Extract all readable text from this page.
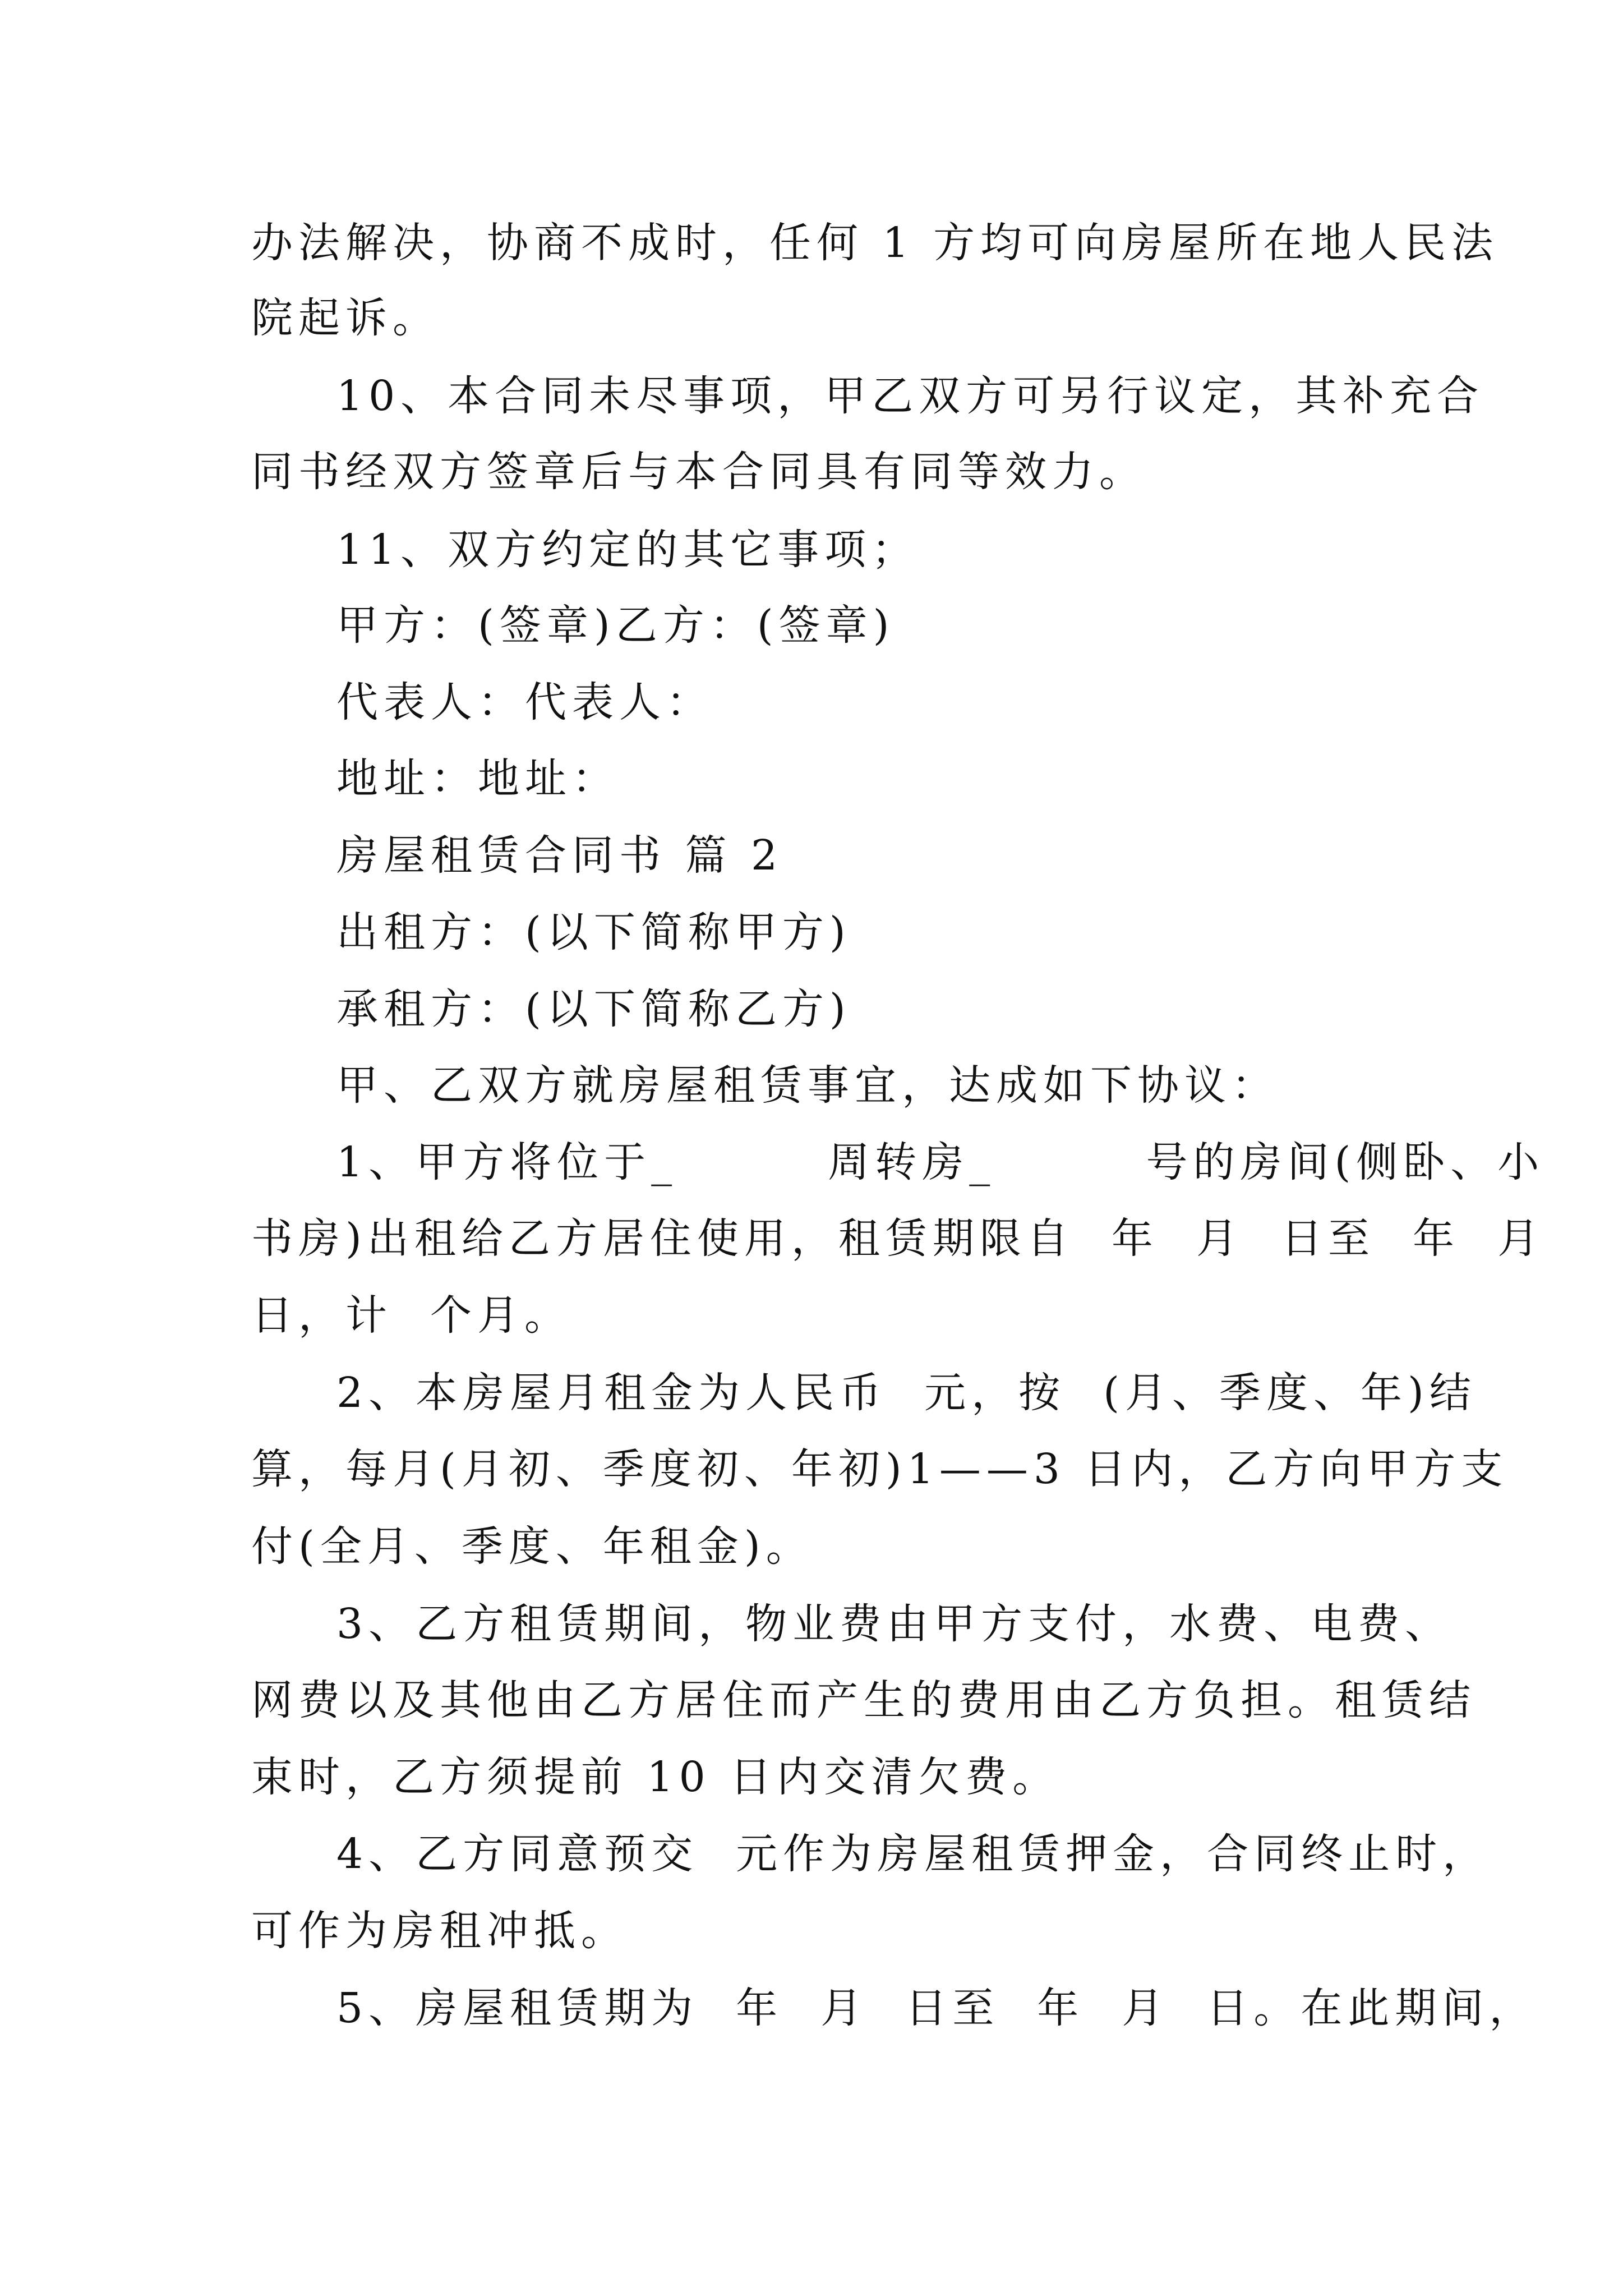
办法解决，协商不成时，任何 1 方均可向房屋所在地人民法
院起诉。
10、本合同未尽事项，甲乙双方可另行议定，其补充合
同书经双方签章后与本合同具有同等效力。
11、双方约定的其它事项；
甲方：(签章)乙方：(签章)
代表人：代表人：
地址：地址：
房屋租赁合同书 篇 2
出租方：(以下简称甲方)
承租方：(以下简称乙方)
甲、乙双方就房屋租赁事宜，达成如下协议：
1、甲方将位于_        周转房_        号的房间(侧卧、小
书房)出租给乙方居住使用，租赁期限自  年  月  日至  年  月
日，计  个月。
2、本房屋月租金为人民币  元，按  (月、季度、年)结
算，每月(月初、季度初、年初)1——3 日内，乙方向甲方支
付(全月、季度、年租金)。
3、乙方租赁期间，物业费由甲方支付，水费、电费、
网费以及其他由乙方居住而产生的费用由乙方负担。租赁结
束时，乙方须提前 10 日内交清欠费。
4、乙方同意预交  元作为房屋租赁押金，合同终止时，
可作为房租冲抵。
5、房屋租赁期为  年  月  日至  年  月  日。在此期间，
